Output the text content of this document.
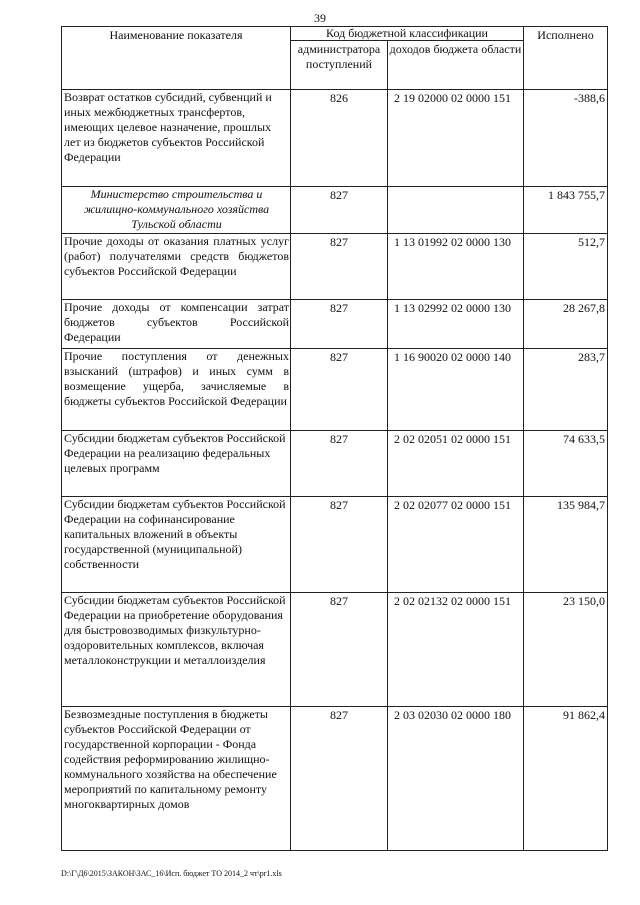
39
Наименование показателя	Код бюджетной классификации		Исполнено
	администратора поступлений	доходов бюджета области	
Возврат остатков субсидий, субвенций и иных межбюджетных трансфертов, имеющих целевое назначение, прошлых лет из бюджетов субъектов Российской Федерации	826	2 19 02000 02 0000 151	-388,6
Министерство строительства и жилищно-коммунального хозяйства Тульской области	827		1 843 755,7
Прочие доходы от оказания платных услуг (работ) получателями средств бюджетов субъектов Российской Федерации	827	1 13 01992 02 0000 130	512,7
Прочие доходы от компенсации затрат бюджетов субъектов Российской Федерации	827	1 13 02992 02 0000 130	28 267,8
Прочие поступления от денежных взысканий (штрафов) и иных сумм в возмещение ущерба, зачисляемые в бюджеты субъектов Российской Федерации	827	1 16 90020 02 0000 140	283,7
Субсидии бюджетам субъектов Российской Федерации на реализацию федеральных целевых программ	827	2 02 02051 02 0000 151	74 633,5
Субсидии бюджетам субъектов Российской Федерации на софинансирование капитальных вложений в объекты государственной (муниципальной) собственности	827	2 02 02077 02 0000 151	135 984,7
Субсидии бюджетам субъектов Российской Федерации на приобретение оборудования для быстровозводимых физкультурно-оздоровительных комплексов, включая металлоконструкции и металлоизделия	827	2 02 02132 02 0000 151	23 150,0
Безвозмездные поступления в бюджеты субъектов Российской Федерации от государственной корпорации - Фонда содействия реформированию жилищно-коммунального хозяйства на обеспечение мероприятий по капитальному ремонту многоквартирных домов	827	2 03 02030 02 0000 180	91 862,4
D:\Г\Д6\2015\ЗАКОН\ЗАС_16\Исп. бюджет ТО 2014_2 чт\pr1.xls
